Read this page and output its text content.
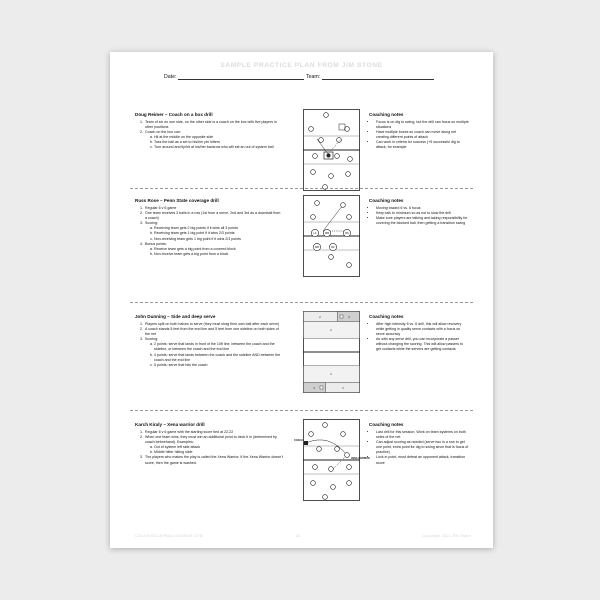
SAMPLE PRACTICE PLAN FROM JIM STONE
Date:	Team:
Doug Reimer – Coach on a box drill
1. Team of six on one side, on the other side is a coach on the box with five players in other positions
2. Coach on the box can:
a. Hit at the middle on the opposite side
b. Toss the ball as a set to his/her pin hitters
c. Turn around and tip/hit at his/her backrow who will set an out of system ball
Coaching notes
• Focus is on dig to swing, but the drill can focus on multiple situations
• Have multiple boxes so coach can move along net creating different points of attack
• Can work in criteria for success (+5 successful dig to attack, for example
Russ Rose – Penn State coverage drill
1. Regular 6 v 6 game
2. One team receives 3 balls in a row (1st from a serve, 2nd and 3rd as a downball from a coach)
3. Scoring:
a. Receiving team gets 2 big points if it wins all 3 points
b. Receiving team gets 1 big point if it wins 2/3 points
c. Non-receiving team gets 1 big point if it wins 2/3 points
4. Bonus points:
a. Receive team gets a big point from a covered block
b. Non-receive team gets a big point from a block
LF	MB	RS
MB	RF
Coaching notes
• Moving toward 6 vs. 6 focus
• Keep talk to minimum so as not to slow the drill
• Make sure players are talking and taking responsibility for covering the blocked ball, then getting a transition swing
John Dunning – Side and deep serve
1. Players split on both halves to serve (they must shag their own ball after each serve)
2. A coach stands 5 feet from the end line and 5 feet from one sideline on both sides of the net
3. Scoring:
a. 2 points: serve that lands in front of the 10ft line, between the coach and the sideline, or between the coach and the end line
b. 4 points: serve that lands between the coach and the sideline AND between the coach and the end line
c. 5 points: serve that hits the coach
2	4
2
2
4	2
Coaching notes
• After high intensity 6 vs. 6 drill, this will allow recovery while getting in quality serve contacts with a focus on serve accuracy
• As with any serve drill, you can incorporate a passer without changing the scoring. This will allow passers to get contacts while the servers are getting contacts
Karch Kiraly – Xena warrior drill
1. Regular 6 v 6 game with the starting score tied at 22-22
2. When one team wins, they must win an additional point to deck it in (determined by coach beforehand). Examples:
a. Out of system left side attack
b. Middle hitter hitting slide
3. The players who makes the play is called the Xena Warrior. If the Xena Warrior doesn’t score, then the game is washed.
COACH
XENA WARRIOR
Coaching notes
• Last drill for this session. Work on team systems on both sides of the net
• Can adjust scoring as needed (serve two in a row to get one point, extra point for dig to swing since that is focus of practice)
• Lock in point, must defeat an opponent attack, transition score
COACHVOLLEYBALLSOURCE.COM	20	Copyright 2021 Jim Stone
